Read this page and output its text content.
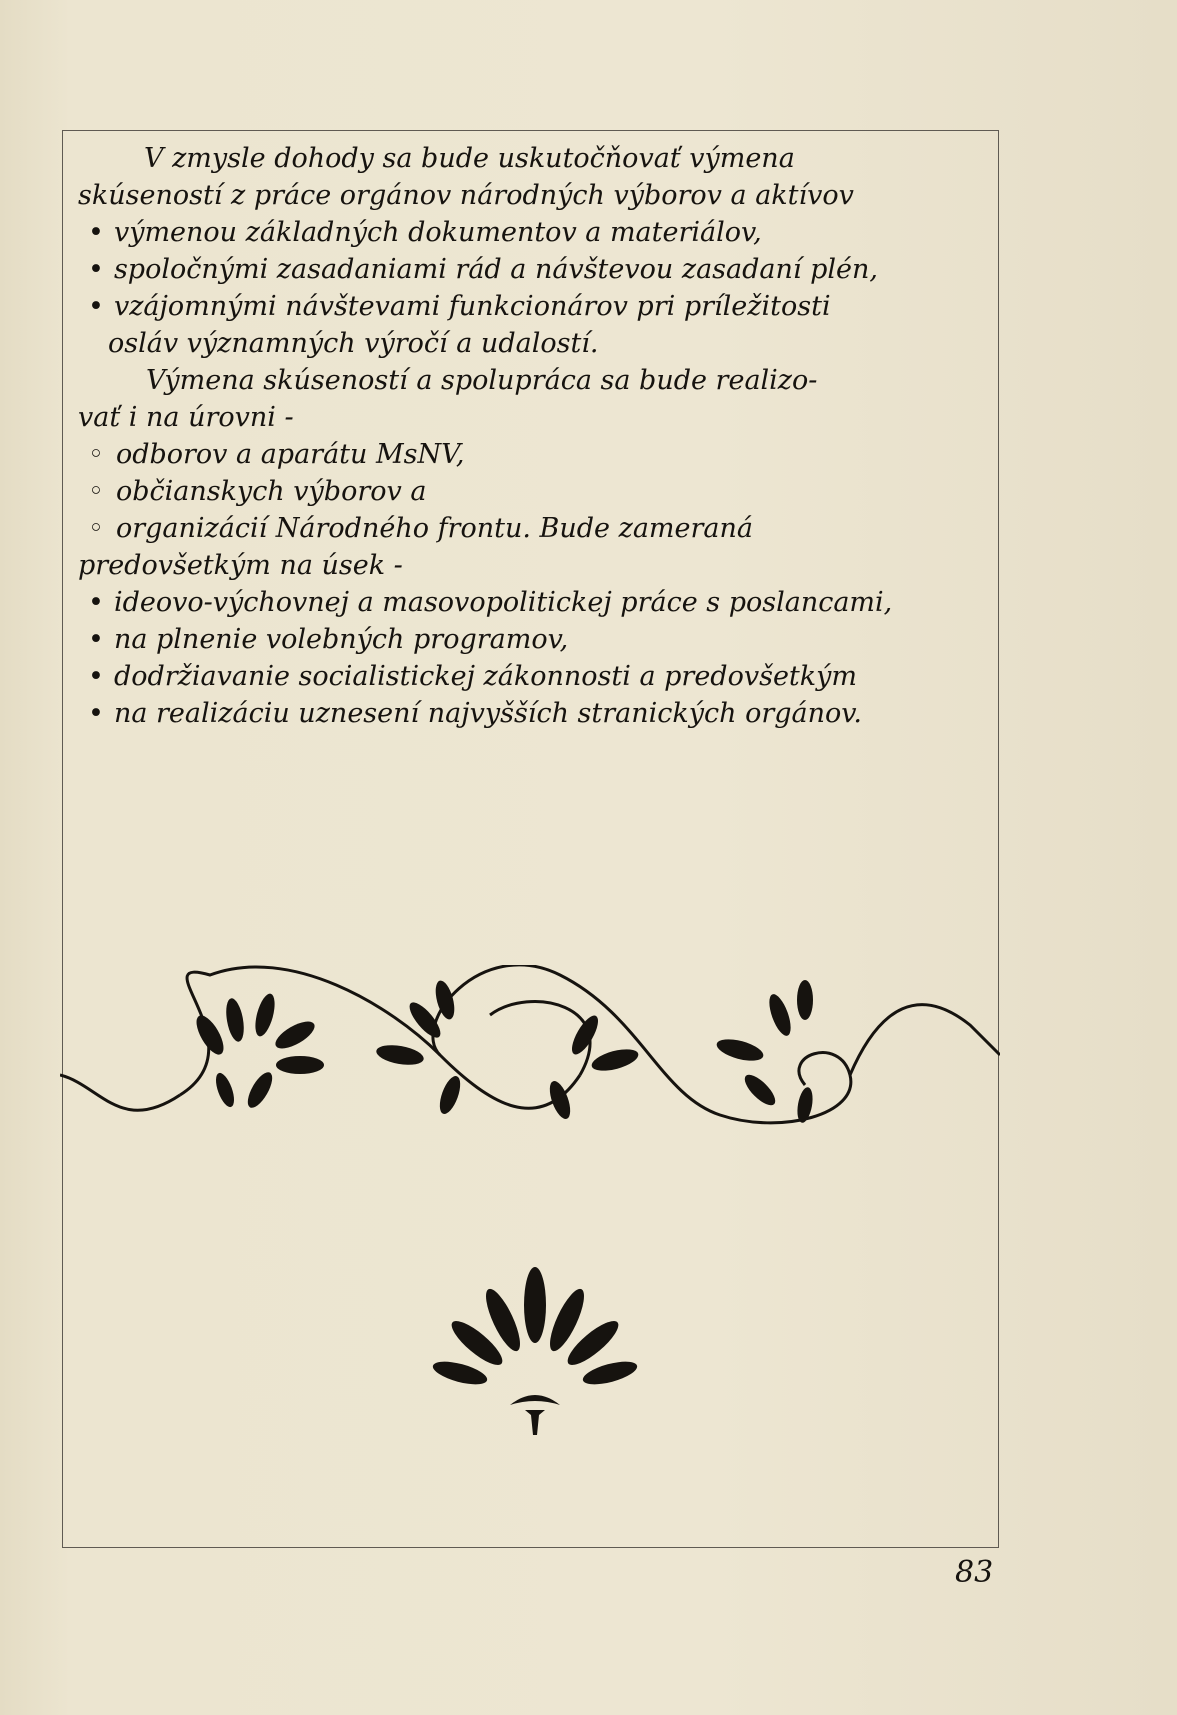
V zmysle dohody sa bude uskutočňovať výmena
skúseností z práce orgánov národných výborov a aktívov
• výmenou základných dokumentov a materiálov,
• spoločnými zasadaniami rád a návštevou zasadaní plén,
• vzájomnými návštevami funkcionárov pri príležitosti
osláv významných výročí a udalostí.
Výmena skúseností a spolupráca sa bude realizo-
vať i na úrovni -
◦ odborov a aparátu MsNV,
◦ občianskych výborov a
◦ organizácií Národného frontu. Bude zameraná
predovšetkým na úsek -
• ideovo-výchovnej a masovopolitickej práce s poslancami,
• na plnenie volebných programov,
• dodržiavanie socialistickej zákonnosti a predovšetkým
• na realizáciu uznesení najvyšších stranických orgánov.
83
